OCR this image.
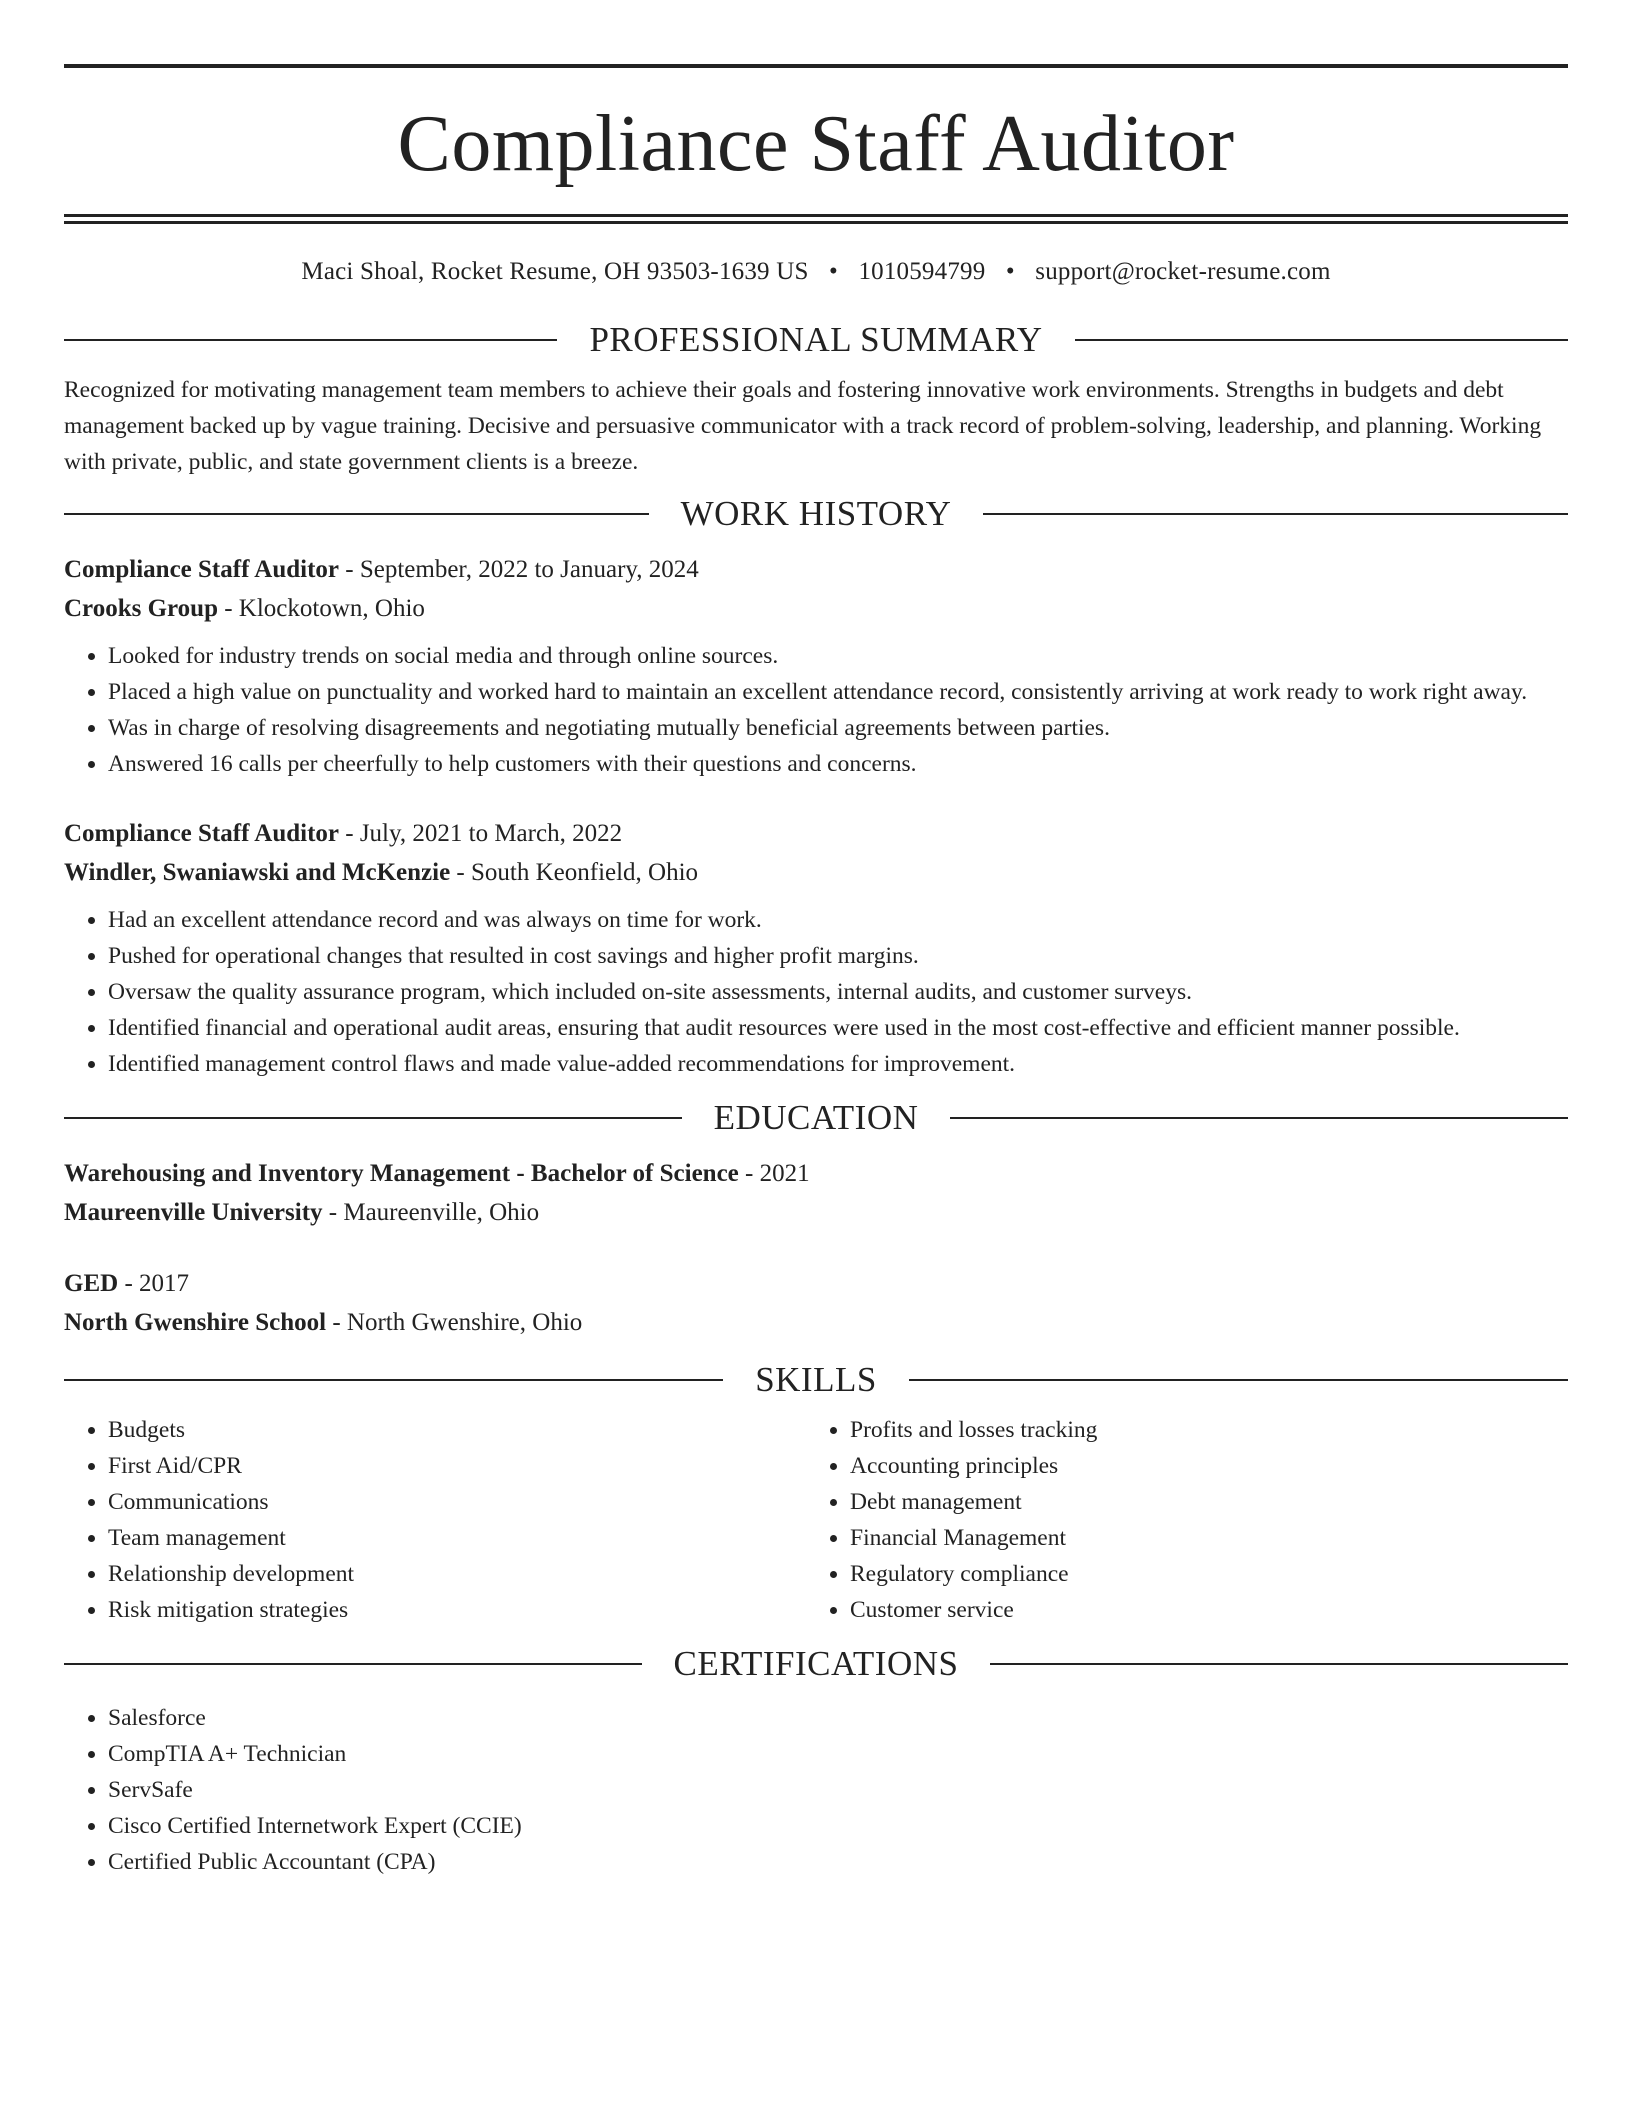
Compliance Staff Auditor
Maci Shoal, Rocket Resume, OH 93503-1639 US • 1010594799 • support@rocket-resume.com
PROFESSIONAL SUMMARY

Recognized for motivating management team members to achieve their goals and fostering innovative work environments. Strengths in budgets and debt management backed up by vague training. Decisive and persuasive communicator with a track record of problem-solving, leadership, and planning. Working with private, public, and state government clients is a breeze.

WORK HISTORY
Compliance Staff Auditor - September, 2022 to January, 2024
Crooks Group - Klockotown, Ohio
• Looked for industry trends on social media and through online sources.
• Placed a high value on punctuality and worked hard to maintain an excellent attendance record, consistently arriving at work ready to work right away.
• Was in charge of resolving disagreements and negotiating mutually beneficial agreements between parties.
• Answered 16 calls per cheerfully to help customers with their questions and concerns.
Compliance Staff Auditor - July, 2021 to March, 2022
Windler, Swaniawski and McKenzie - South Keonfield, Ohio
• Had an excellent attendance record and was always on time for work.
• Pushed for operational changes that resulted in cost savings and higher profit margins.
• Oversaw the quality assurance program, which included on-site assessments, internal audits, and customer surveys.
• Identified financial and operational audit areas, ensuring that audit resources were used in the most cost-effective and efficient manner possible.
• Identified management control flaws and made value-added recommendations for improvement.
EDUCATION
Warehousing and Inventory Management - Bachelor of Science - 2021
Maureenville University - Maureenville, Ohio
GED - 2017
North Gwenshire School - North Gwenshire, Ohio
SKILLS
• Budgets
• First Aid/CPR
• Communications
• Team management
• Relationship development
• Risk mitigation strategies
• Profits and losses tracking
• Accounting principles
• Debt management
• Financial Management
• Regulatory compliance
• Customer service
CERTIFICATIONS
• Salesforce
• CompTIA A+ Technician
• ServSafe
• Cisco Certified Internetwork Expert (CCIE)
• Certified Public Accountant (CPA)
